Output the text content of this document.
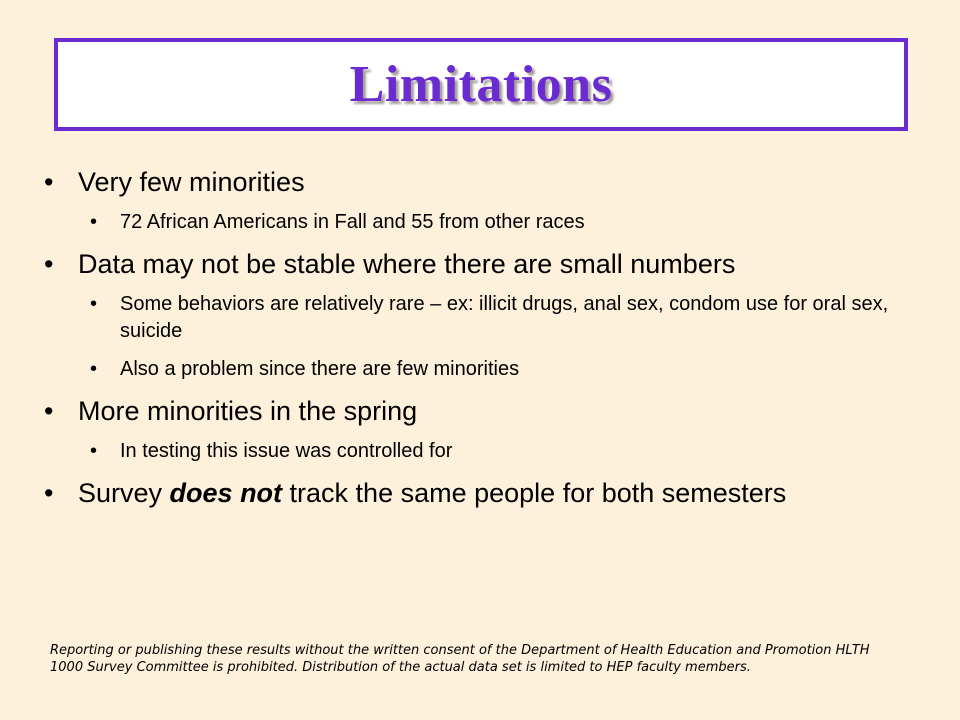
Limitations
• Very few minorities
• 72 African Americans in Fall and 55 from other races
• Data may not be stable where there are small numbers
• Some behaviors are relatively rare – ex: illicit drugs, anal sex, condom use for oral sex, suicide
• Also a problem since there are few minorities
• More minorities in the spring
• In testing this issue was controlled for
• Survey does not track the same people for both semesters
Reporting or publishing these results without the written consent of the Department of Health Education and Promotion HLTH 1000 Survey Committee is prohibited. Distribution of the actual data set is limited to HEP faculty members.
